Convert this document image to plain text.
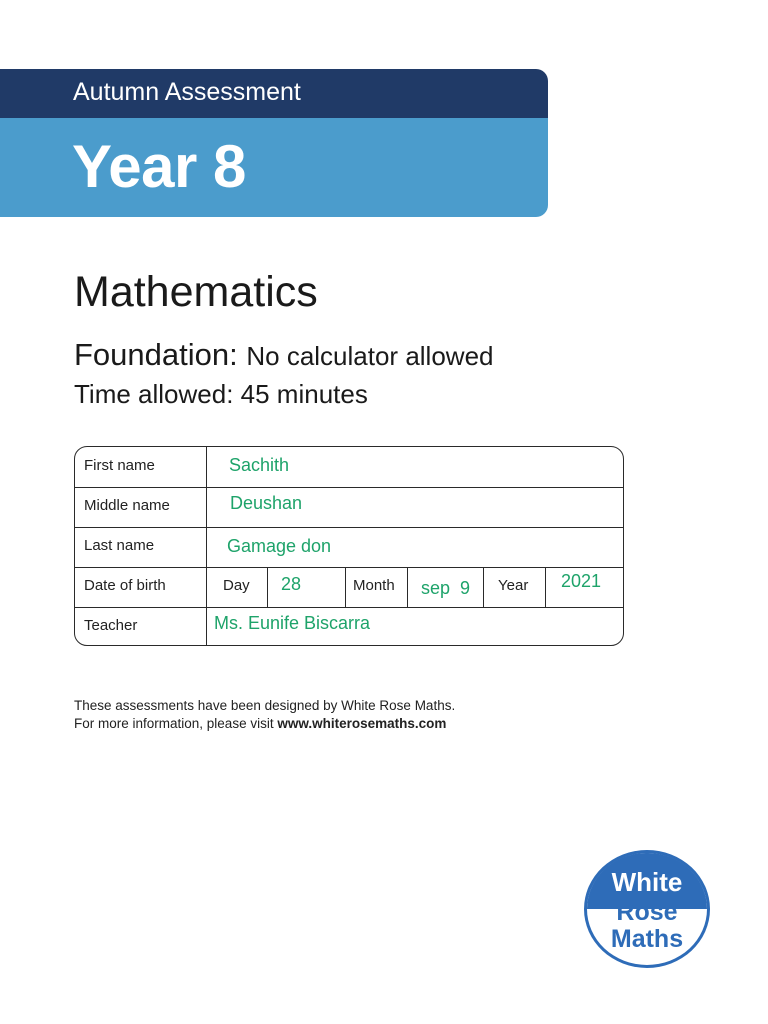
Autumn Assessment
Year 8
Mathematics
Foundation: No calculator allowed
Time allowed: 45 minutes
First name	Sachith
Middle name	Deushan
Last name	Gamage don
Date of birth	Day 28	Month sep  9 Year 2021
Teacher	Ms. Eunife Biscarra
These assessments have been designed by White Rose Maths.
For more information, please visit www.whiterosemaths.com
White
Rose
Maths
